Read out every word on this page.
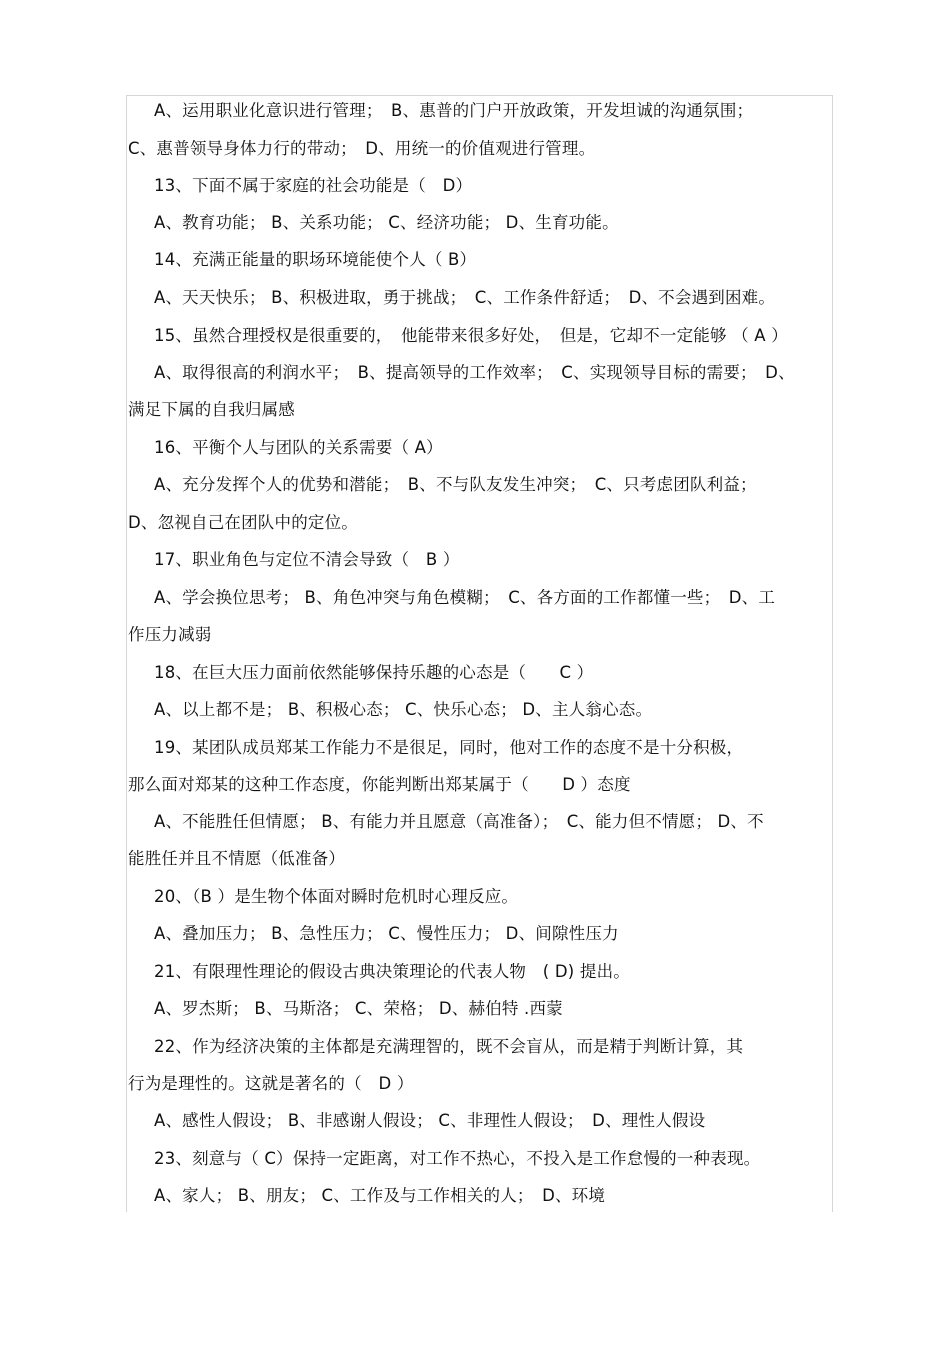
A、运用职业化意识进行管理；　B、惠普的门户开放政策，开发坦诚的沟通氛围；
C、惠普领导身体力行的带动；　D、用统一的价值观进行管理。
13、下面不属于家庭的社会功能是（　D）
A、教育功能； B、关系功能； C、经济功能； D、生育功能。
14、充满正能量的职场环境能使个人（ B）
A、天天快乐； B、积极进取，勇于挑战；　C、工作条件舒适；　D、不会遇到困难。
15、虽然合理授权是很重要的，　他能带来很多好处，　但是，它却不一定能够 （ A ）
A、取得很高的利润水平；　B、提高领导的工作效率；　C、实现领导目标的需要；　D、
满足下属的自我归属感
16、平衡个人与团队的关系需要（ A）
A、充分发挥个人的优势和潜能；　B、不与队友发生冲突；　C、只考虑团队利益；
D、忽视自己在团队中的定位。
17、职业角色与定位不清会导致（　B ）
A、学会换位思考； B、角色冲突与角色模糊；　C、各方面的工作都懂一些；　D、工
作压力减弱
18、在巨大压力面前依然能够保持乐趣的心态是（　　C ）
A、以上都不是； B、积极心态； C、快乐心态； D、主人翁心态。
19、某团队成员郑某工作能力不是很足，同时，他对工作的态度不是十分积极，
那么面对郑某的这种工作态度，你能判断出郑某属于（　　D ）态度
A、不能胜任但情愿； B、有能力并且愿意（高准备）；　C、能力但不情愿； D、不
能胜任并且不情愿（低准备）
20、（B ）是生物个体面对瞬时危机时心理反应。
A、叠加压力； B、急性压力； C、慢性压力； D、间隙性压力
21、有限理性理论的假设古典决策理论的代表人物　( D) 提出。
A、罗杰斯； B、马斯洛； C、荣格； D、赫伯特 .西蒙
22、作为经济决策的主体都是充满理智的，既不会盲从，而是精于判断计算，其
行为是理性的。这就是著名的（　D ）
A、感性人假设； B、非感谢人假设； C、非理性人假设；　D、理性人假设
23、刻意与（ C）保持一定距离，对工作不热心，不投入是工作怠慢的一种表现。
A、家人； B、朋友； C、工作及与工作相关的人；　D、环境
